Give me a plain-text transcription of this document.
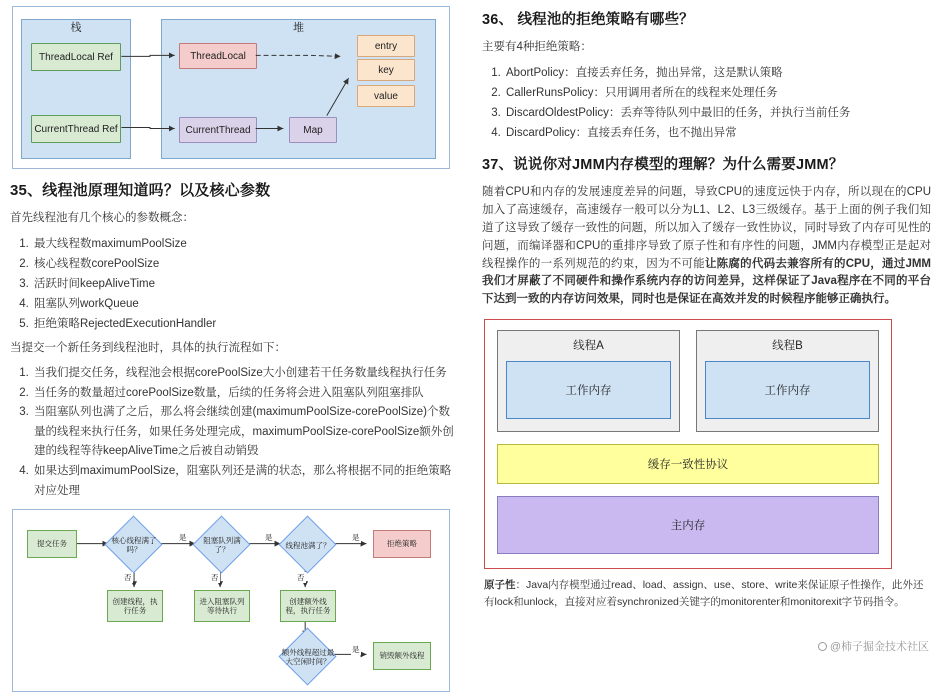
栈	堆
ThreadLocal Ref
CurrentThread Ref
ThreadLocal
CurrentThread	Map
entry
key
value
35、线程池原理知道吗？以及核心参数

首先线程池有几个核心的参数概念：

1. 最大线程数maximumPoolSize
2. 核心线程数corePoolSize
3. 活跃时间keepAliveTime
4. 阻塞队列workQueue
5. 拒绝策略RejectedExecutionHandler

当提交一个新任务到线程池时，具体的执行流程如下：

1. 当我们提交任务，线程池会根据corePoolSize大小创建若干任务数量线程执行任务
2. 当任务的数量超过corePoolSize数量，后续的任务将会进入阻塞队列阻塞排队
3. 当阻塞队列也满了之后，那么将会继续创建(maximumPoolSize-corePoolSize)个数量的线程来执行任务，如果任务处理完成，maximumPoolSize-corePoolSize额外创建的线程等待keepAliveTime之后被自动销毁
4. 如果达到maximumPoolSize，阻塞队列还是满的状态，那么将根据不同的拒绝策略对应处理
提交任务	核心线程满了吗？
阻塞队列满了？	线程池满了？	拒绝策略
创建线程，执行任务
进入阻塞队列等待执行
创建额外线程，执行任务
额外线程超过最大空闲时间？
销毁额外线程
是	是	是
否	否	否
是
36、 线程池的拒绝策略有哪些？

主要有4种拒绝策略：

1. AbortPolicy：直接丢弃任务，抛出异常，这是默认策略
2. CallerRunsPolicy：只用调用者所在的线程来处理任务
3. DiscardOldestPolicy：丢弃等待队列中最旧的任务，并执行当前任务
4. DiscardPolicy：直接丢弃任务，也不抛出异常
37、说说你对JMM内存模型的理解？为什么需要JMM？

随着CPU和内存的发展速度差异的问题，导致CPU的速度远快于内存，所以现在的CPU加入了高速缓存，高速缓存一般可以分为L1、L2、L3三级缓存。基于上面的例子我们知道了这导致了缓存一致性的问题，所以加入了缓存一致性协议，同时导致了内存可见性的问题，而编译器和CPU的重排序导致了原子性和有序性的问题，JMM内存模型正是起对线程操作的一系列规范的约束，因为不可能让陈腐的代码去兼容所有的CPU，通过JMM我们才屏蔽了不同硬件和操作系统内存的访问差异，这样保证了Java程序在不同的平台下达到一致的内存访问效果，同时也是保证在高效并发的时候程序能够正确执行。

线程A
工作内存
线程B
工作内存
缓存一致性协议
主内存

原子性：Java内存模型通过read、load、assign、use、store、write来保证原子性操作，此外还有lock和unlock，直接对应着synchronized关键字的monitorenter和monitorexit字节码指令。

@柿子掘金技术社区
